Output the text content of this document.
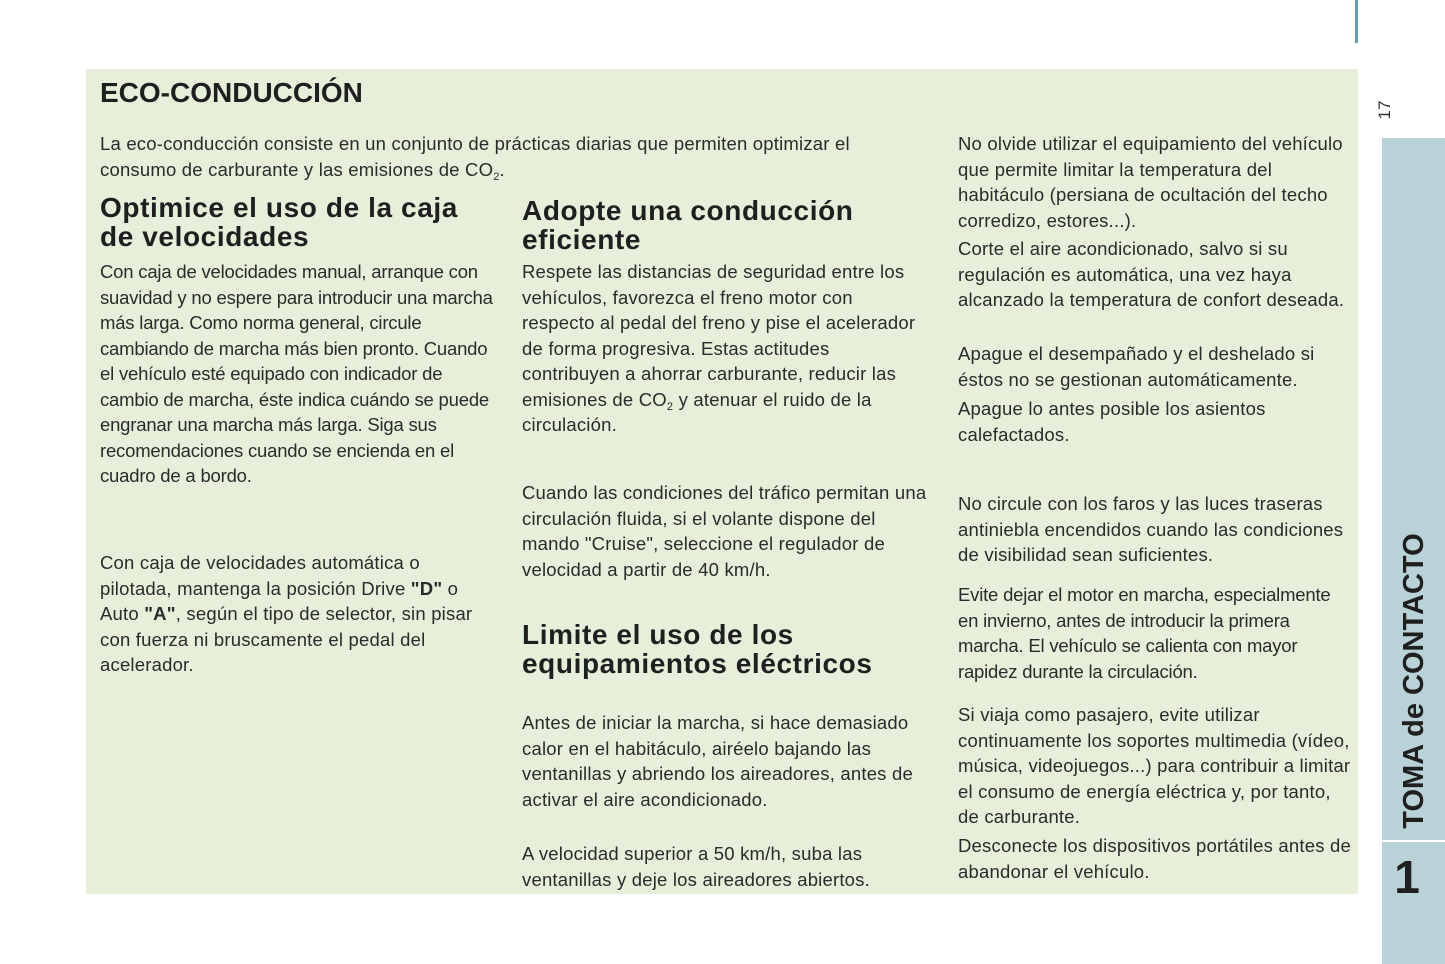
17
TOMA de CONTACTO
1
ECO-CONDUCCIÓN

La eco-conducción consiste en un conjunto de prácticas diarias que permiten optimizar el consumo de carburante y las emisiones de $CO_2$.

Optimice el uso de la caja de velocidades

Con caja de velocidades manual, arranque con suavidad y no espere para introducir una marcha más larga. Como norma general, circule cambiando de marcha más bien pronto. Cuando el vehículo esté equipado con indicador de cambio de marcha, éste indica cuándo se puede engranar una marcha más larga. Siga sus recomendaciones cuando se encienda en el cuadro de a bordo.

Con caja de velocidades automática o pilotada, mantenga la posición Drive "D" o Auto "A", según el tipo de selector, sin pisar con fuerza ni bruscamente el pedal del acelerador.

Adopte una conducción eficiente

Respete las distancias de seguridad entre los vehículos, favorezca el freno motor con respecto al pedal del freno y pise el acelerador de forma progresiva. Estas actitudes contribuyen a ahorrar carburante, reducir las emisiones de $CO_2$ y atenuar el ruido de la circulación.

Cuando las condiciones del tráfico permitan una circulación fluida, si el volante dispone del mando "Cruise", seleccione el regulador de velocidad a partir de 40 km/h.

Limite el uso de los equipamientos eléctricos

Antes de iniciar la marcha, si hace demasiado calor en el habitáculo, airéelo bajando las ventanillas y abriendo los aireadores, antes de activar el aire acondicionado.

A velocidad superior a 50 km/h, suba las ventanillas y deje los aireadores abiertos.

No olvide utilizar el equipamiento del vehículo que permite limitar la temperatura del habitáculo (persiana de ocultación del techo corredizo, estores...).

Corte el aire acondicionado, salvo si su regulación es automática, una vez haya alcanzado la temperatura de confort deseada.

Apague el desempañado y el deshelado si éstos no se gestionan automáticamente.

Apague lo antes posible los asientos calefactados.

No circule con los faros y las luces traseras antiniebla encendidos cuando las condiciones de visibilidad sean suficientes.

Evite dejar el motor en marcha, especialmente en invierno, antes de introducir la primera marcha. El vehículo se calienta con mayor rapidez durante la circulación.

Si viaja como pasajero, evite utilizar continuamente los soportes multimedia (vídeo, música, videojuegos...) para contribuir a limitar el consumo de energía eléctrica y, por tanto, de carburante.

Desconecte los dispositivos portátiles antes de abandonar el vehículo.
